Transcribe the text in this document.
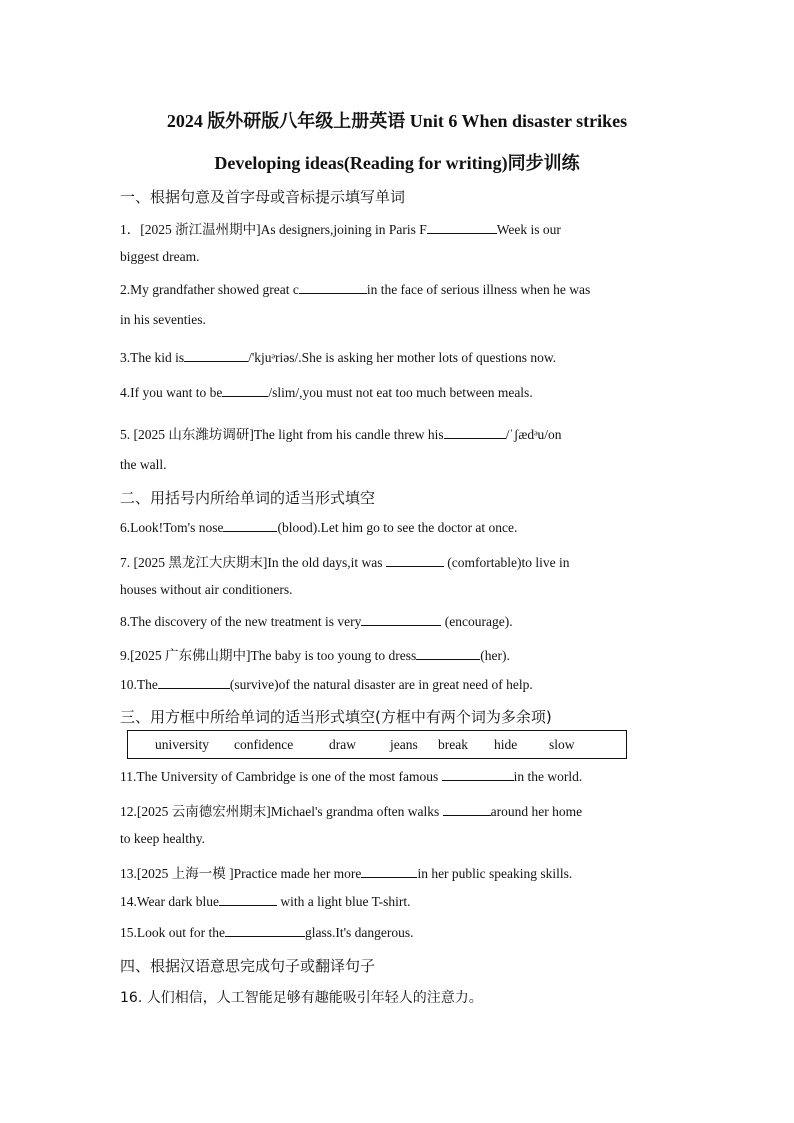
2024 版外研版八年级上册英语 Unit 6 When disaster strikes
Developing ideas(Reading for writing)同步训练
一、根据句意及首字母或音标提示填写单词
1．[2025 浙江温州期中]As designers,joining in Paris F	Week is our
biggest dream.
2.My grandfather showed great c	in the face of serious illness when he was
in his seventies.
3.The kid is	/'kjuᵊriəs/.She is asking her mother lots of questions now.
4.If you want to be	/slim/,you must not eat too much between meals.
5. [2025 山东潍坊调研]The light from his candle threw his	/ˈʃædᵊu/on
the wall.
二、用括号内所给单词的适当形式填空
6.Look!Tom's nose	(blood).Let him go to see the doctor at once.
7. [2025 黑龙江大庆期末]In the old days,it was	(comfortable)to live in
houses without air conditioners.
8.The discovery of the new treatment is very	(encourage).
9.[2025 广东佛山期中]The baby is too young to dress	(her).
10.The	(survive)of the natural disaster are in great need of help.
三、用方框中所给单词的适当形式填空(方框中有两个词为多余项)
university confidence	draw	jeans break hide slow
11.The University of Cambridge is one of the most famous	in the world.
12.[2025 云南德宏州期末]Michael's grandma often walks	around her home
to keep healthy.
13.[2025 上海一模 ]Practice made her more	in her public speaking skills.
14.Wear dark blue	with a light blue T-shirt.
15.Look out for the	glass.It's dangerous.
四、根据汉语意思完成句子或翻译句子
16. 人们相信，人工智能足够有趣能吸引年轻人的注意力。
